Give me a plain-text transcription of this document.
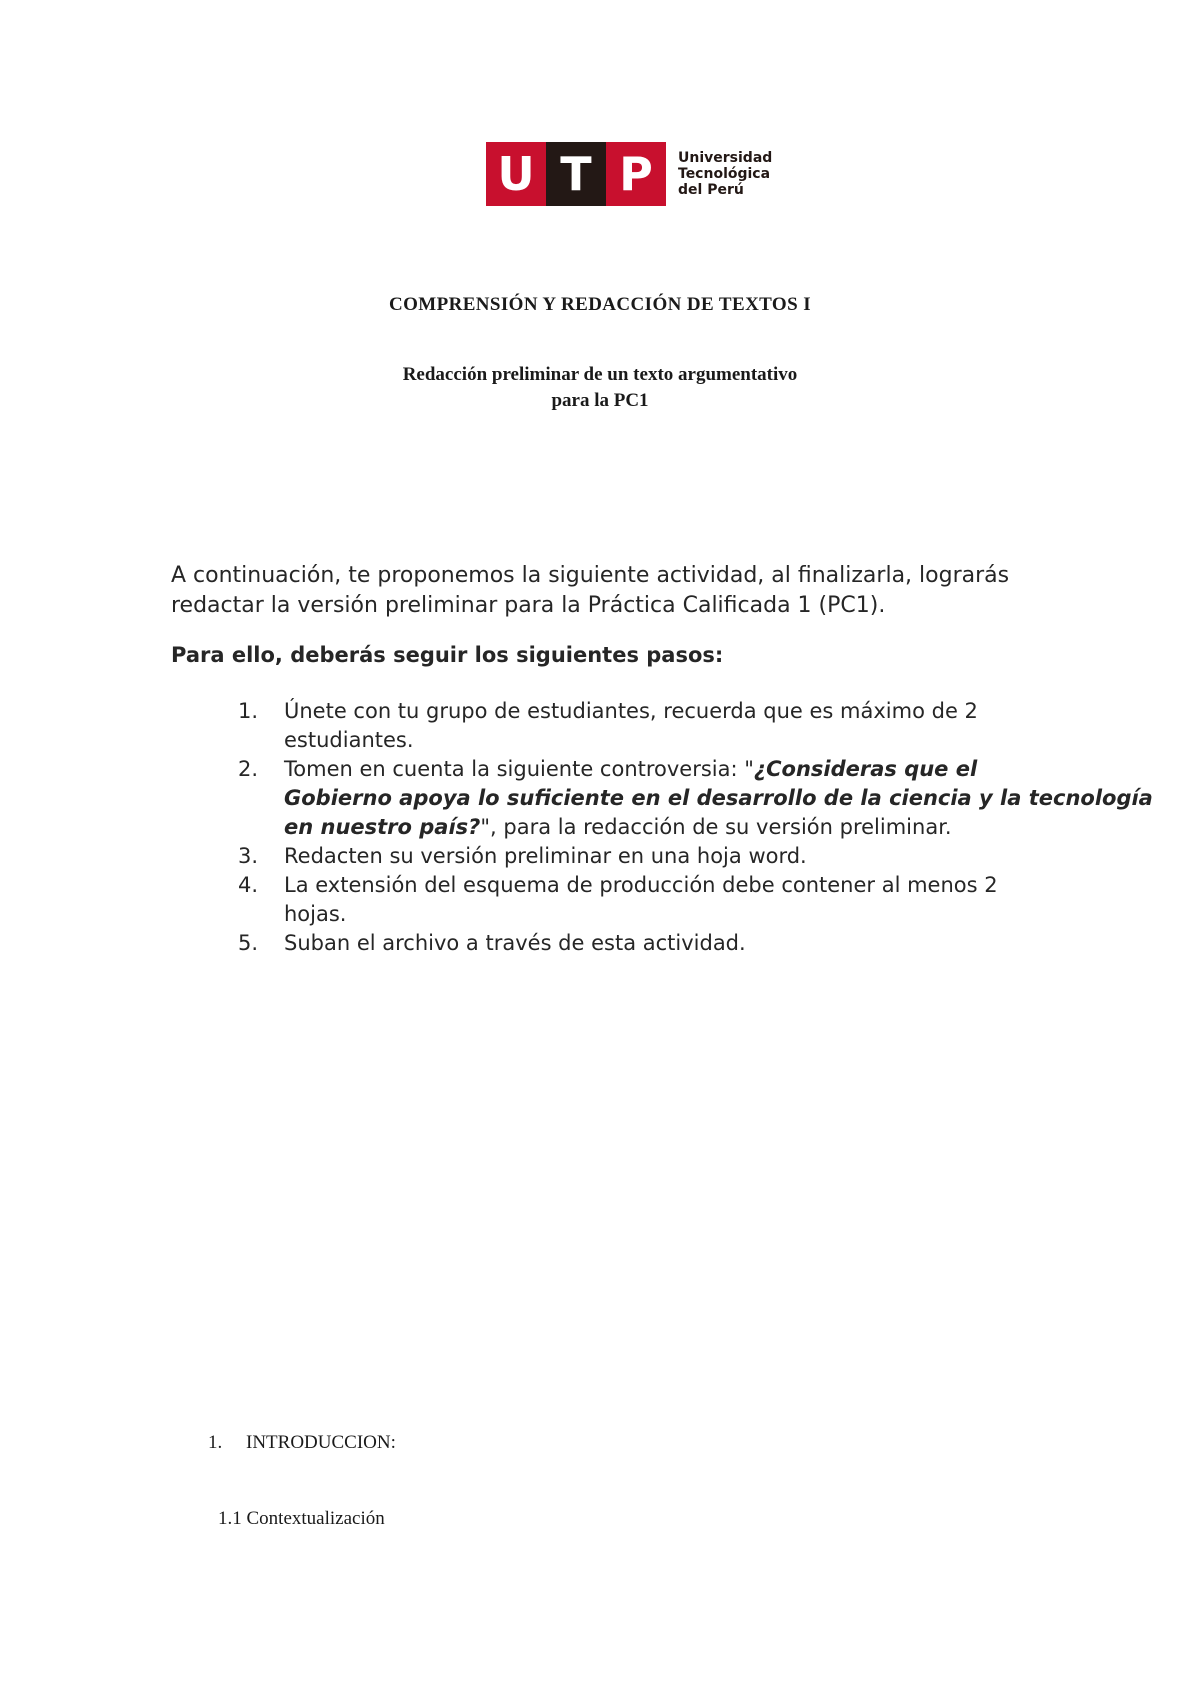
U T P	Universidad
Tecnológica
del Perú
COMPRENSIÓN Y REDACCIÓN DE TEXTOS I
Redacción preliminar de un texto argumentativo
para la PC1
A continuación, te proponemos la siguiente actividad, al finalizarla, lograrás
redactar la versión preliminar para la Práctica Calificada 1 (PC1).
Para ello, deberás seguir los siguientes pasos:
1.	Únete con tu grupo de estudiantes, recuerda que es máximo de 2
estudiantes.
2.	Tomen en cuenta la siguiente controversia: "¿Consideras que el
Gobierno apoya lo suficiente en el desarrollo de la ciencia y la tecnología
en nuestro país?", para la redacción de su versión preliminar.
3.	Redacten su versión preliminar en una hoja word.
4.	La extensión del esquema de producción debe contener al menos 2
hojas.
5.	Suban el archivo a través de esta actividad.
1. INTRODUCCION:
1.1 Contextualización
